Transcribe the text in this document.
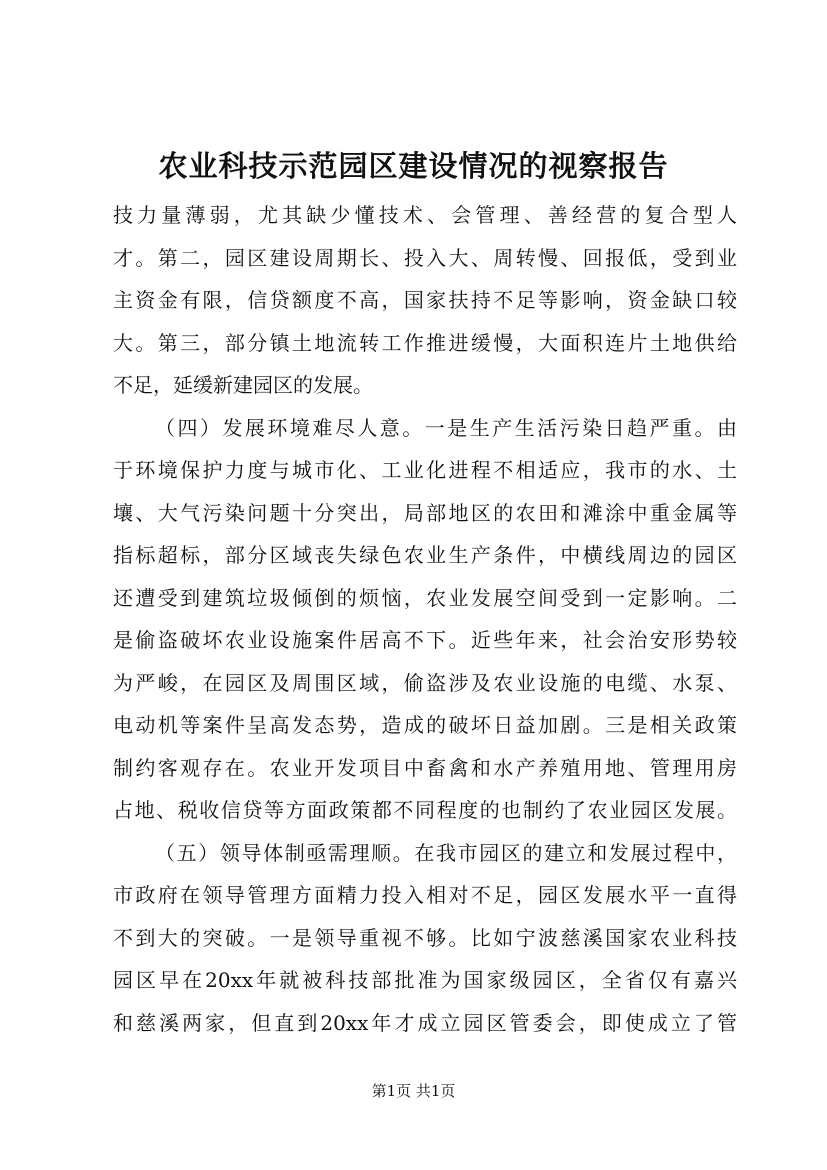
农业科技示范园区建设情况的视察报告
技力量薄弱，尤其缺少懂技术、会管理、善经营的复合型人
才。第二，园区建设周期长、投入大、周转慢、回报低，受到业
主资金有限，信贷额度不高，国家扶持不足等影响，资金缺口较
大。第三，部分镇土地流转工作推进缓慢，大面积连片土地供给
不足，延缓新建园区的发展。
（四）发展环境难尽人意。一是生产生活污染日趋严重。由
于环境保护力度与城市化、工业化进程不相适应，我市的水、土
壤、大气污染问题十分突出，局部地区的农田和滩涂中重金属等
指标超标，部分区域丧失绿色农业生产条件，中横线周边的园区
还遭受到建筑垃圾倾倒的烦恼，农业发展空间受到一定影响。二
是偷盗破坏农业设施案件居高不下。近些年来，社会治安形势较
为严峻，在园区及周围区域，偷盗涉及农业设施的电缆、水泵、
电动机等案件呈高发态势，造成的破坏日益加剧。三是相关政策
制约客观存在。农业开发项目中畜禽和水产养殖用地、管理用房
占地、税收信贷等方面政策都不同程度的也制约了农业园区发展。
（五）领导体制亟需理顺。在我市园区的建立和发展过程中，
市政府在领导管理方面精力投入相对不足，园区发展水平一直得
不到大的突破。一是领导重视不够。比如宁波慈溪国家农业科技
园区早在20xx年就被科技部批准为国家级园区，全省仅有嘉兴
和慈溪两家，但直到20xx年才成立园区管委会，即使成立了管
第1页 共1页
